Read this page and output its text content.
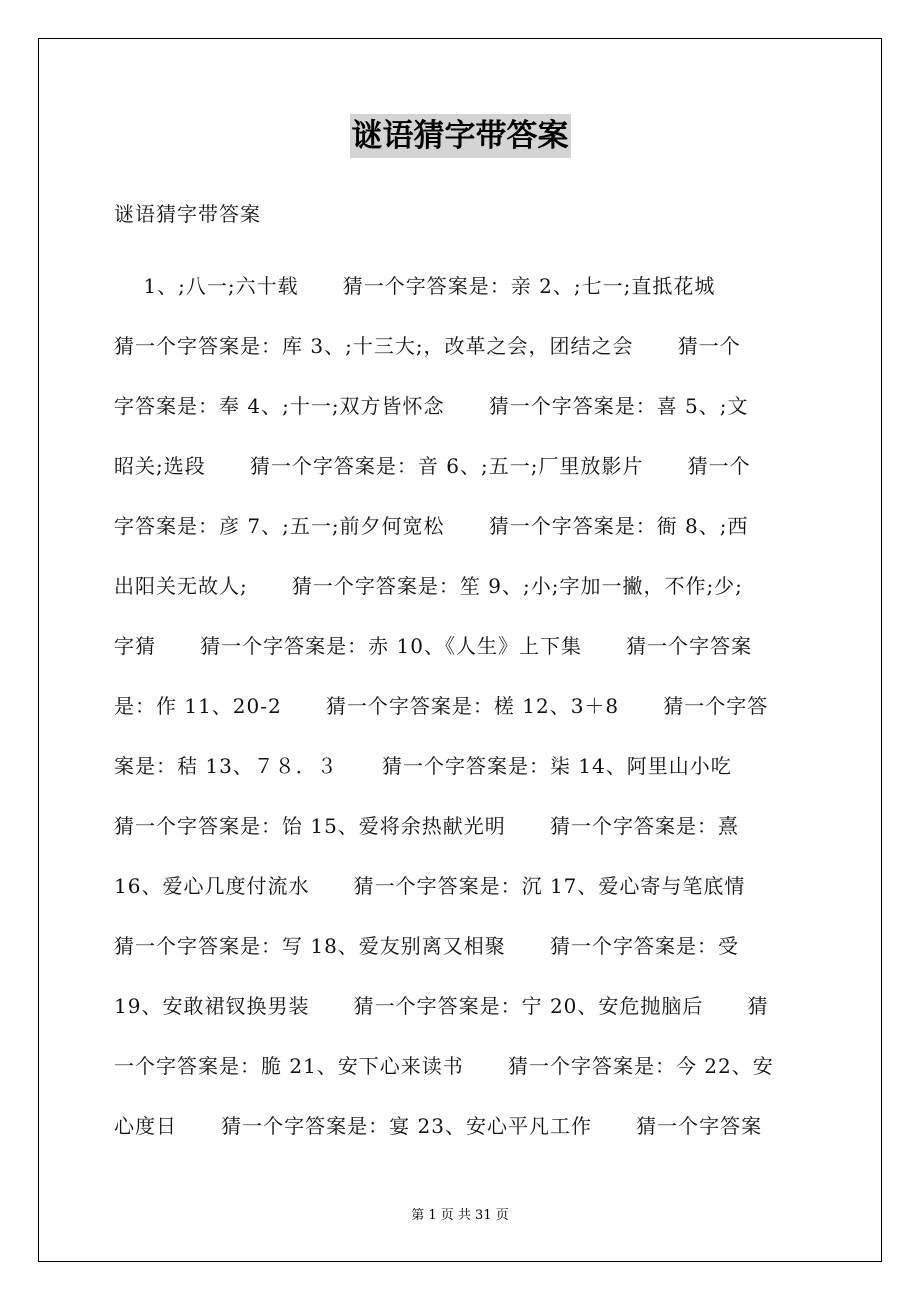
谜语猜字带答案
谜语猜字带答案
1、;八一;六十载      猜一个字答案是：亲 2、;七一;直抵花城
猜一个字答案是：库 3、;十三大;，改革之会，团结之会      猜一个
字答案是：奉 4、;十一;双方皆怀念      猜一个字答案是：喜 5、;文
昭关;选段      猜一个字答案是：音 6、;五一;厂里放影片      猜一个
字答案是：彦 7、;五一;前夕何宽松      猜一个字答案是：衙 8、;西
出阳关无故人;      猜一个字答案是：笙 9、;小;字加一撇，不作;少;
字猜      猜一个字答案是：赤 10、《人生》上下集      猜一个字答案
是：作 11、20-2      猜一个字答案是：槎 12、3＋8      猜一个字答
案是：秸 13、７８．３      猜一个字答案是：柒 14、阿里山小吃
猜一个字答案是：饴 15、爱将余热献光明      猜一个字答案是：熹
16、爱心几度付流水      猜一个字答案是：沉 17、爱心寄与笔底情
猜一个字答案是：写 18、爱友别离又相聚      猜一个字答案是：受
19、安敢裙钗换男装      猜一个字答案是：宁 20、安危抛脑后      猜
一个字答案是：脆 21、安下心来读书      猜一个字答案是：今 22、安
心度日      猜一个字答案是：宴 23、安心平凡工作      猜一个字答案
第 1 页 共 31 页
